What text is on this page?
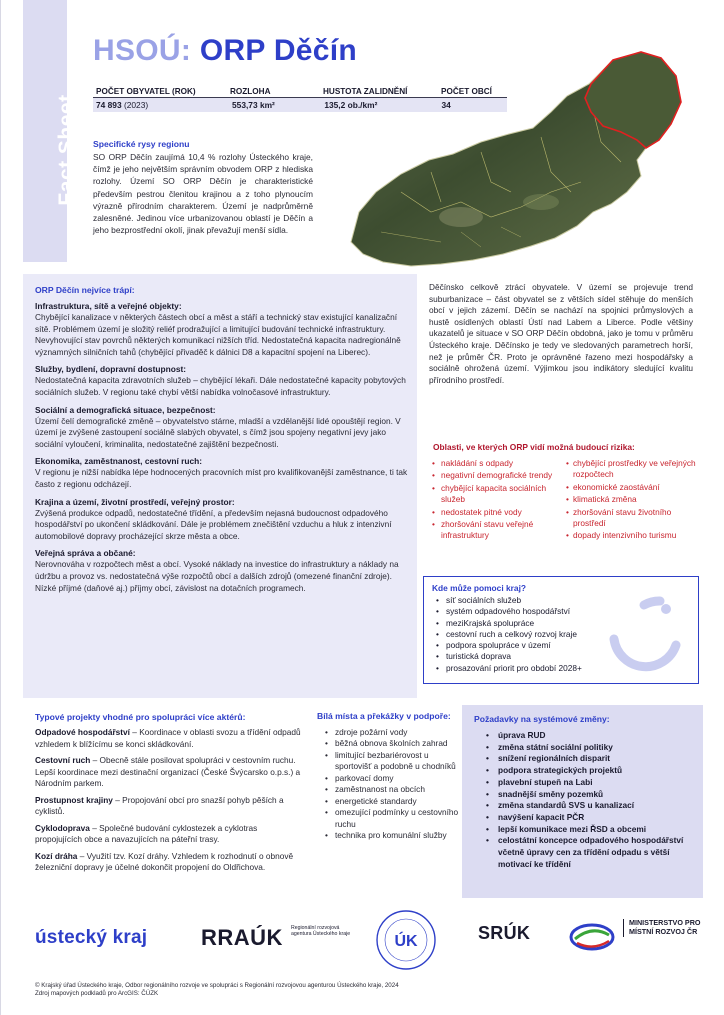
Fact Sheet
HSOÚ: ORP Děčín
POČET OBYVATEL (ROK)	ROZLOHA	HUSTOTA ZALIDNĚNÍ	POČET OBCÍ
74 893 (2023)	553,73 km²	135,2 ob./km²	34
Specifické rysy regionu
SO ORP Děčín zaujímá 10,4 % rozlohy Ústeckého kraje, čímž je jeho největším správním obvodem ORP z hlediska rozlohy. Území SO ORP Děčín je charakteristické především pestrou členitou krajinou a z toho plynoucím výrazně přírodním charakterem. Území je nadprůměrně zalesněné. Jedinou více urbanizovanou oblastí je Děčín a jeho bezprostřední okolí, jinak převažují menší sídla.
ORP Děčín nejvíce trápí:
Infrastruktura, sítě a veřejné objekty:

Chybějící kanalizace v některých částech obcí a měst a stáří a technický stav existující kanalizační sítě. Problémem území je složitý reliéf prodražující a limitující budování technické infrastruktury. Nevyhovující stav povrchů některých komunikací nižších tříd. Nedostatečná kapacita nadregionálně významných silničních tahů (chybějící přivaděč k dálnici D8 a kapacitní spojení na Liberec).

Služby, bydlení, dopravní dostupnost:

Nedostatečná kapacita zdravotních služeb – chybějící lékaři. Dále nedostatečné kapacity pobytových sociálních služeb. V regionu také chybí větší nabídka volnočasové infrastruktury.

Sociální a demografická situace, bezpečnost:

Území čelí demografické změně – obyvatelstvo stárne, mladší a vzdělanější lidé opouštějí region. V území je zvýšené zastoupení sociálně slabých obyvatel, s čímž jsou spojeny negativní jevy jako sociální vyloučení, kriminalita, nedostatečné zajištění bezpečnosti.

Ekonomika, zaměstnanost, cestovní ruch:

V regionu je nižší nabídka lépe hodnocených pracovních míst pro kvalifikovanější zaměstnance, ti tak často z regionu odcházejí.

Krajina a území, životní prostředí, veřejný prostor:

Zvýšená produkce odpadů, nedostatečné třídění, a především nejasná budoucnost odpadového hospodářství po ukončení skládkování. Dále je problémem znečištění vzduchu a hluk z intenzivní automobilové dopravy procházející skrze města a obce.

Veřejná správa a občané:

Nerovnováha v rozpočtech měst a obcí. Vysoké náklady na investice do infrastruktury a náklady na údržbu a provoz vs. nedostatečná výše rozpočtů obcí a dalších zdrojů (omezené finanční zdroje). Nízké příjmé (daňové aj.) příjmy obcí, závislost na dotačních programech.

Děčínsko celkově ztrácí obyvatele. V území se projevuje trend suburbanizace – část obyvatel se z větších sídel stěhuje do menších obcí v jejich zázemí. Děčín se nachází na spojnici průmyslových a hustě osídlených oblastí Ústí nad Labem a Liberce. Podle většiny ukazatelů je situace v SO ORP Děčín obdobná, jako je tomu v průměru Ústeckého kraje. Děčínsko je tedy ve sledovaných parametrech horší, než je průměr ČR. Proto je oprávněné řazeno mezi hospodářsky a sociálně ohrožená území. Výjimkou jsou indikátory sledující kvalitu přírodního prostředí.
Oblasti, ve kterých ORP vidí možná budoucí rizika:
• nakládání s odpady
• negativní demografické trendy
• chybějící kapacita sociálních služeb
• nedostatek pitné vody
• zhoršování stavu veřejné infrastruktury
• chybějící prostředky ve veřejných rozpočtech
• ekonomické zaostávání
• klimatická změna
• zhoršování stavu životního prostředí
• dopady intenzivního turismu
Kde může pomoci kraj?
• síť sociálních služeb
• systém odpadového hospodářství
• meziKrajská spolupráce
• cestovní ruch a celkový rozvoj kraje
• podpora spolupráce v území
• turistická doprava
• prosazování priorit pro období 2028+
Typové projekty vhodné pro spolupráci více aktérů:
Odpadové hospodářství – Koordinace v oblasti svozu a třídění odpadů vzhledem k blížícímu se konci skládkování.
Cestovní ruch – Obecně stále posilovat spolupráci v cestovním ruchu. Lepší koordinace mezi destinační organizací (České Švýcarsko o.p.s.) a Národním parkem.
Prostupnost krajiny – Propojování obcí pro snazší pohyb pěších a cyklistů.
Cyklodoprava – Společné budování cyklostezek a cyklotras propojujících obce a navazujících na páteřní trasy.
Kozí dráha – Využití tzv. Kozí dráhy. Vzhledem k rozhodnutí o obnově železniční dopravy je účelné dokončit propojení do Oldřichova.
Bílá místa a překážky v podpoře:
• zdroje požární vody
• běžná obnova školních zahrad
• limitující bezbariérovost u sportovišť a podobně u chodníků
• parkovací domy
• zaměstnanost na obcích
• energetické standardy
• omezující podmínky u cestovního ruchu
• technika pro komunální služby
Požadavky na systémové změny:
• úprava RUD
• změna státní sociální politiky
• snížení regionálních disparit
• podpora strategických projektů
• plavební stupeň na Labi
• snadnější směny pozemků
• změna standardů SVS u kanalizací
• navýšení kapacit PČR
• lepší komunikace mezi ŘSD a obcemi
• celostátní koncepce odpadového hospodářství včetně úpravy cen za třídění odpadu s větší motivací ke třídění
ústecký kraj RRAÚK Regionální rozvojová agentura Ústeckého kraje	ÚK	SRÚK
MINISTERSTVO PRO MÍSTNÍ ROZVOJ ČR
© Krajský úřad Ústeckého kraje, Odbor regionálního rozvoje ve spolupráci s Regionální rozvojovou agenturou Ústeckého kraje, 2024
Zdroj mapových podkladů pro ArcGIS: ČÚZK
